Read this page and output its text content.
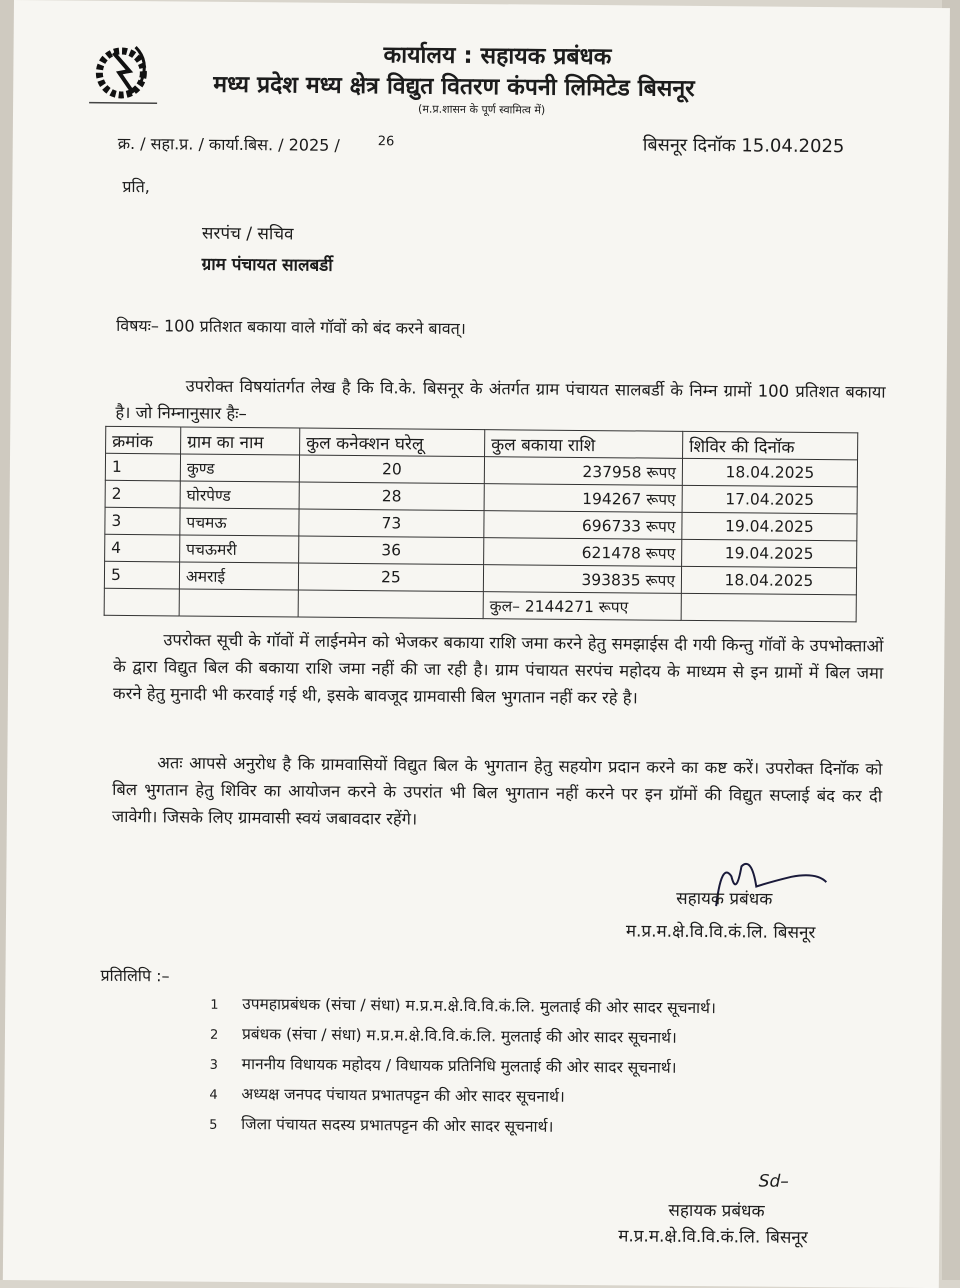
कार्यालय : सहायक प्रबंधक
मध्य प्रदेश मध्य क्षेत्र विद्युत वितरण कंपनी लिमिटेड बिसनूर
(म.प्र.शासन के पूर्ण स्वामित्व में)
क्र. / सहा.प्र. / कार्या.बिस. / 2025 /	26	बिसनूर दिनॉक 15.04.2025
प्रति,
सरपंच / सचिव
ग्राम पंचायत सालबर्डी
विषयः– 100 प्रतिशत बकाया वाले गॉवों को बंद करने बावत्।
उपरोक्त विषयांतर्गत लेख है कि वि.के. बिसनूर के अंतर्गत ग्राम पंचायत सालबर्डी के निम्न ग्रामों 100 प्रतिशत बकाया है। जो निम्नानुसार हैः–
क्रमांक	ग्राम का नाम	कुल कनेक्शन घरेलू	कुल बकाया राशि	शिविर की दिनॉक
1	कुण्ड	20	237958 रूपए	18.04.2025
2	घोरपेण्ड	28	194267 रूपए	17.04.2025
3	पचमऊ	73	696733 रूपए	19.04.2025
4	पचऊमरी	36	621478 रूपए	19.04.2025
5	अमराई	25	393835 रूपए	18.04.2025
			कुल– 2144271 रूपए	
उपरोक्त सूची के गॉवों में लाईनमेन को भेजकर बकाया राशि जमा करने हेतु समझाईस दी गयी किन्तु गॉवों के उपभोक्ताओं के द्वारा विद्युत बिल की बकाया राशि जमा नहीं की जा रही है। ग्राम पंचायत सरपंच महोदय के माध्यम से इन ग्रामों में बिल जमा करने हेतु मुनादी भी करवाई गई थी, इसके बावजूद ग्रामवासी बिल भुगतान नहीं कर रहे है।
अतः आपसे अनुरोध है कि ग्रामवासियों विद्युत बिल के भुगतान हेतु सहयोग प्रदान करने का कष्ट करें। उपरोक्त दिनॉक को बिल भुगतान हेतु शिविर का आयोजन करने के उपरांत भी बिल भुगतान नहीं करने पर इन ग्रॉमों की विद्युत सप्लाई बंद कर दी जावेगी। जिसके लिए ग्रामवासी स्वयं जबावदार रहेंगे।
सहायक प्रबंधक
म.प्र.म.क्षे.वि.वि.कं.लि. बिसनूर
प्रतिलिपि :–
1 उपमहाप्रबंधक (संचा / संधा) म.प्र.म.क्षे.वि.वि.कं.लि. मुलताई की ओर सादर सूचनार्थ।
2 प्रबंधक (संचा / संधा) म.प्र.म.क्षे.वि.वि.कं.लि. मुलताई की ओर सादर सूचनार्थ।
3 माननीय विधायक महोदय / विधायक प्रतिनिधि मुलताई की ओर सादर सूचनार्थ।
4 अध्यक्ष जनपद पंचायत प्रभातपट्टन की ओर सादर सूचनार्थ।
5 जिला पंचायत सदस्य प्रभातपट्टन की ओर सादर सूचनार्थ।
Sd–
सहायक प्रबंधक
म.प्र.म.क्षे.वि.वि.कं.लि. बिसनूर
